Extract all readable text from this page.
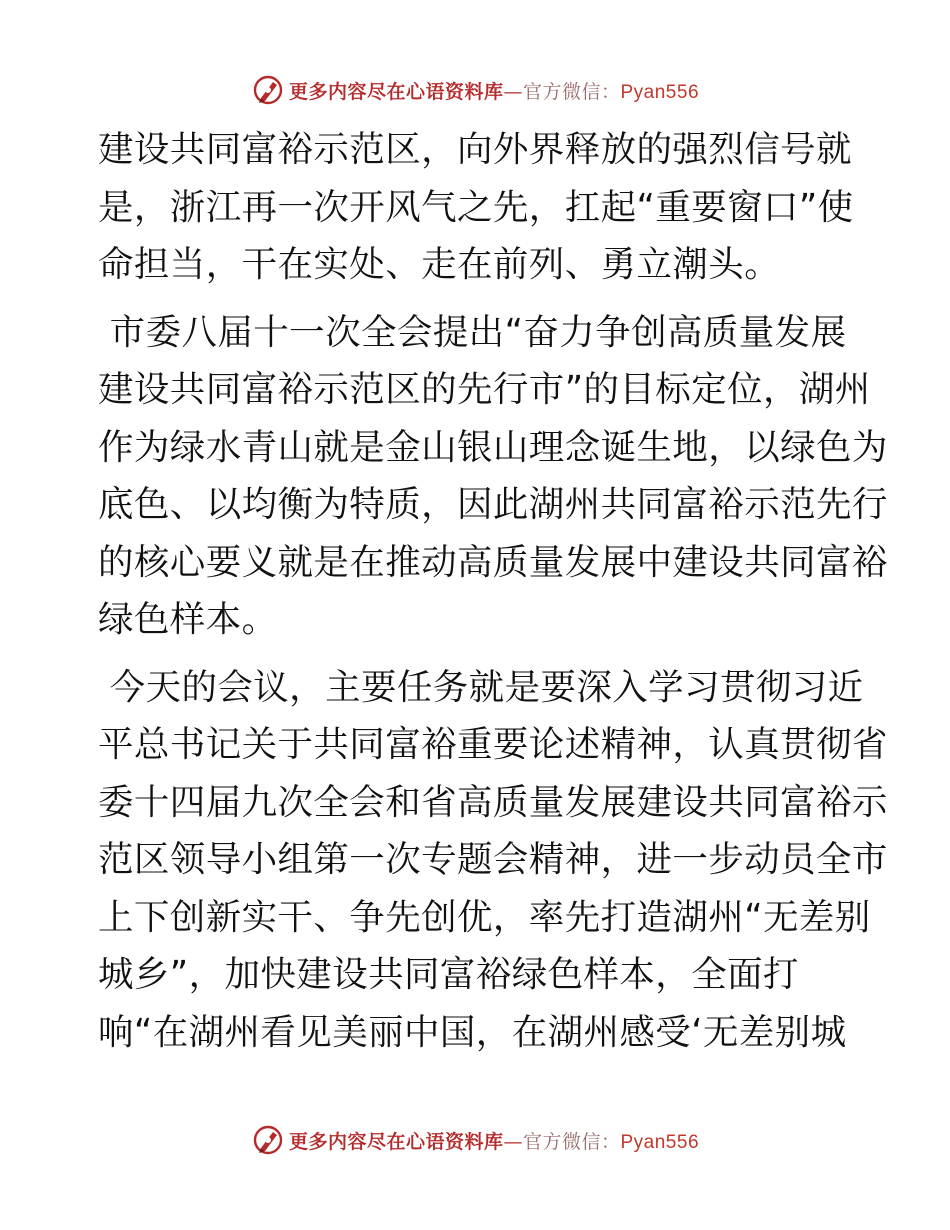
更多内容尽在心语资料库—官方微信：Pyan556
建设共同富裕示范区，向外界释放的强烈信号就
是，浙江再一次开风气之先，扛起“重要窗口”使
命担当，干在实处、走在前列、勇立潮头。
市委八届十一次全会提出“奋力争创高质量发展
建设共同富裕示范区的先行市”的目标定位，湖州
作为绿水青山就是金山银山理念诞生地，以绿色为
底色、以均衡为特质，因此湖州共同富裕示范先行
的核心要义就是在推动高质量发展中建设共同富裕
绿色样本。
今天的会议，主要任务就是要深入学习贯彻习近
平总书记关于共同富裕重要论述精神，认真贯彻省
委十四届九次全会和省高质量发展建设共同富裕示
范区领导小组第一次专题会精神，进一步动员全市
上下创新实干、争先创优，率先打造湖州“无差别
城乡”，加快建设共同富裕绿色样本，全面打
响“在湖州看见美丽中国，在湖州感受‘无差别城
更多内容尽在心语资料库—官方微信：Pyan556
